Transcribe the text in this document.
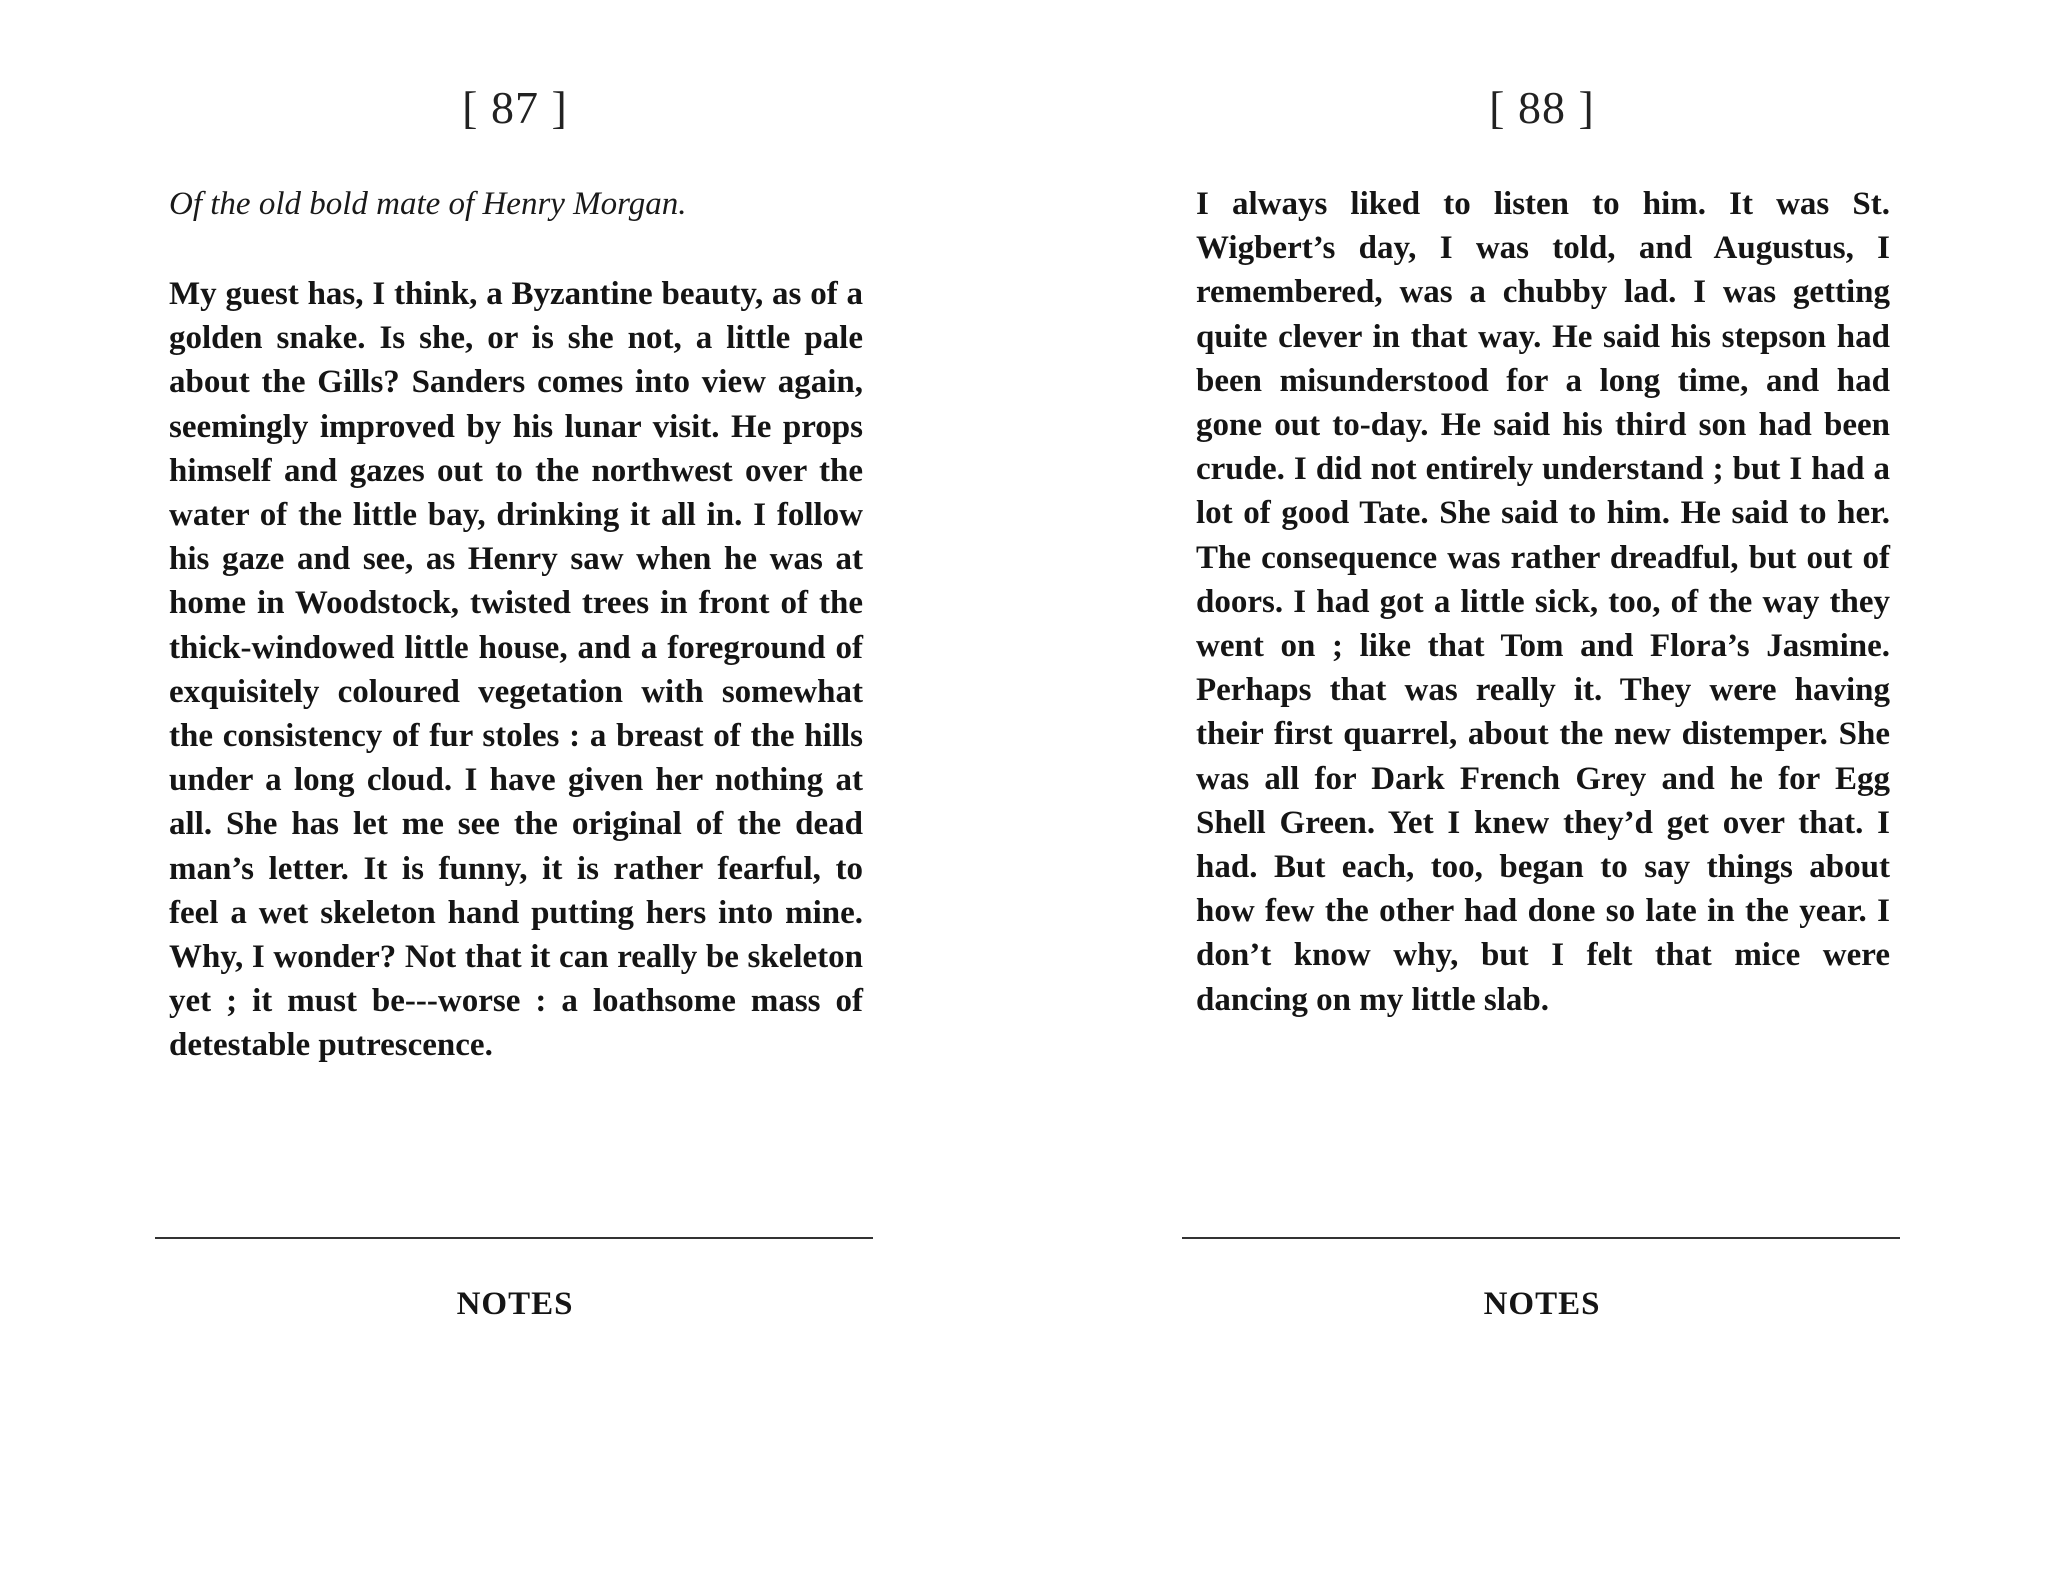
[ 87 ]
Of the old bold mate of Henry Morgan.

My guest has, I think, a Byzantine beauty, as of a golden snake. Is she, or is she not, a little pale about the Gills? Sanders comes into view again, seemingly improved by his lunar visit. He props himself and gazes out to the northwest over the water of the little bay, drinking it all in. I follow his gaze and see, as Henry saw when he was at home in Woodstock, twisted trees in front of the thick-windowed little house, and a foreground of exquisitely coloured vegetation with somewhat the consistency of fur stoles : a breast of the hills under a long cloud. I have given her nothing at all. She has let me see the original of the dead man’s letter. It is funny, it is rather fearful, to feel a wet skeleton hand putting hers into mine. Why, I wonder? Not that it can really be skeleton yet ; it must be---worse : a loathsome mass of detestable putrescence.

NOTES
[ 88 ]

I always liked to listen to him. It was St. Wigbert’s day, I was told, and Augustus, I remembered, was a chubby lad. I was getting quite clever in that way. He said his stepson had been misunderstood for a long time, and had gone out to-day. He said his third son had been crude. I did not entirely understand ; but I had a lot of good Tate. She said to him. He said to her. The consequence was rather dreadful, but out of doors. I had got a little sick, too, of the way they went on ; like that Tom and Flora’s Jasmine. Perhaps that was really it. They were having their first quarrel, about the new distemper. She was all for Dark French Grey and he for Egg Shell Green. Yet I knew they’d get over that. I had. But each, too, began to say things about how few the other had done so late in the year. I don’t know why, but I felt that mice were dancing on my little slab.

NOTES
